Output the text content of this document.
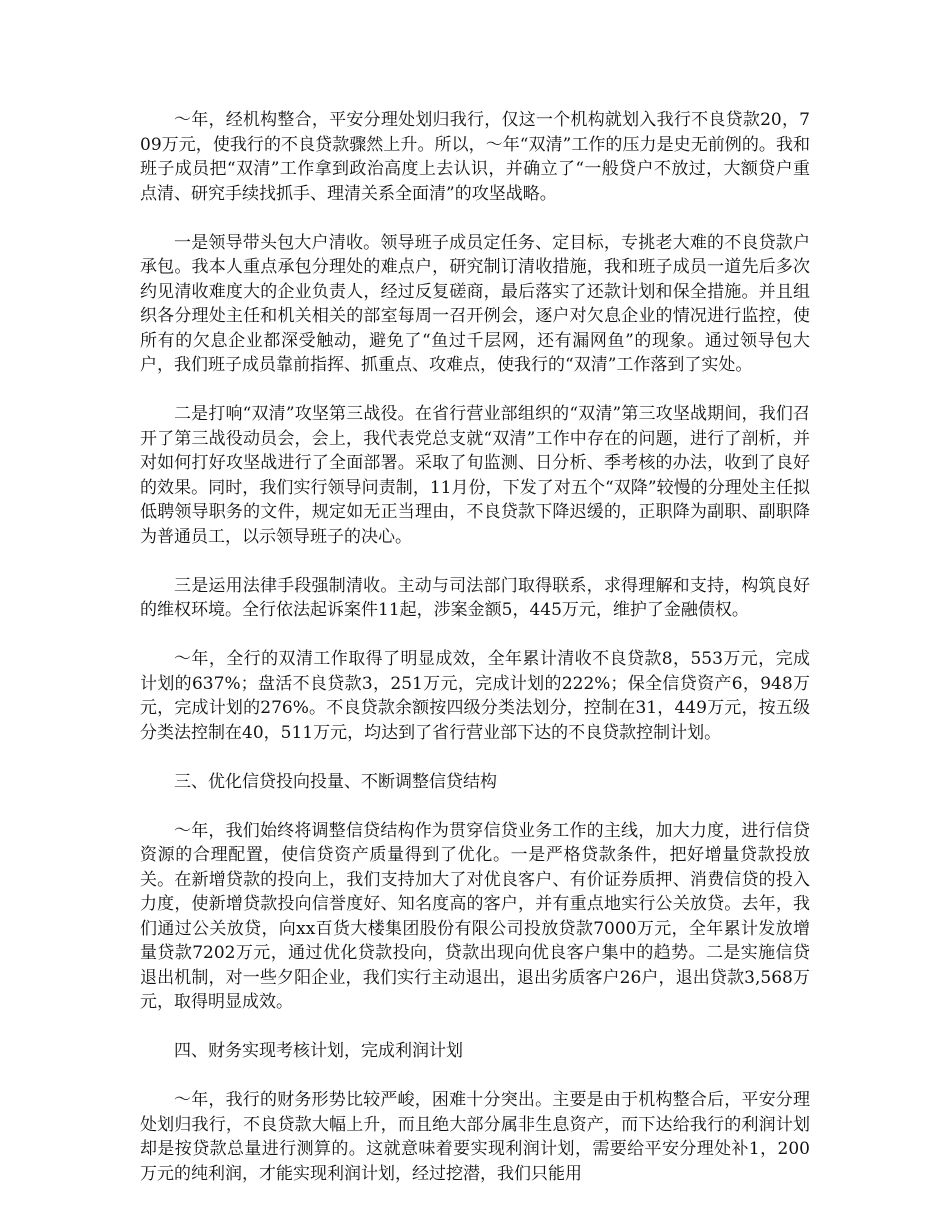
～年，经机构整合，平安分理处划归我行，仅这一个机构就划入我行不良贷款20，709万元，使我行的不良贷款骤然上升。所以，～年“双清”工作的压力是史无前例的。我和班子成员把“双清”工作拿到政治高度上去认识，并确立了“一般贷户不放过，大额贷户重点清、研究手续找抓手、理清关系全面清”的攻坚战略。

一是领导带头包大户清收。领导班子成员定任务、定目标，专挑老大难的不良贷款户承包。我本人重点承包分理处的难点户，研究制订清收措施，我和班子成员一道先后多次约见清收难度大的企业负责人，经过反复磋商，最后落实了还款计划和保全措施。并且组织各分理处主任和机关相关的部室每周一召开例会，逐户对欠息企业的情况进行监控，使所有的欠息企业都深受触动，避免了“鱼过千层网，还有漏网鱼”的现象。通过领导包大户，我们班子成员靠前指挥、抓重点、攻难点，使我行的“双清”工作落到了实处。

二是打响“双清”攻坚第三战役。在省行营业部组织的“双清”第三攻坚战期间，我们召开了第三战役动员会，会上，我代表党总支就“双清”工作中存在的问题，进行了剖析，并对如何打好攻坚战进行了全面部署。采取了旬监测、日分析、季考核的办法，收到了良好的效果。同时，我们实行领导问责制，11月份，下发了对五个“双降”较慢的分理处主任拟低聘领导职务的文件，规定如无正当理由，不良贷款下降迟缓的，正职降为副职、副职降为普通员工，以示领导班子的决心。

三是运用法律手段强制清收。主动与司法部门取得联系，求得理解和支持，构筑良好的维权环境。全行依法起诉案件11起，涉案金额5，445万元，维护了金融债权。

～年，全行的双清工作取得了明显成效，全年累计清收不良贷款8，553万元，完成计划的637%；盘活不良贷款3，251万元，完成计划的222%；保全信贷资产6，948万元，完成计划的276%。不良贷款余额按四级分类法划分，控制在31，449万元，按五级分类法控制在40，511万元，均达到了省行营业部下达的不良贷款控制计划。

三、优化信贷投向投量、不断调整信贷结构

～年，我们始终将调整信贷结构作为贯穿信贷业务工作的主线，加大力度，进行信贷资源的合理配置，使信贷资产质量得到了优化。一是严格贷款条件，把好增量贷款投放关。在新增贷款的投向上，我们支持加大了对优良客户、有价证券质押、消费信贷的投入力度，使新增贷款投向信誉度好、知名度高的客户，并有重点地实行公关放贷。去年，我们通过公关放贷，向xx百货大楼集团股份有限公司投放贷款7000万元，全年累计发放增量贷款7202万元，通过优化贷款投向，贷款出现向优良客户集中的趋势。二是实施信贷退出机制，对一些夕阳企业，我们实行主动退出，退出劣质客户26户，退出贷款3,568万元，取得明显成效。

四、财务实现考核计划，完成利润计划

～年，我行的财务形势比较严峻，困难十分突出。主要是由于机构整合后，平安分理处划归我行，不良贷款大幅上升，而且绝大部分属非生息资产，而下达给我行的利润计划却是按贷款总量进行测算的。这就意味着要实现利润计划，需要给平安分理处补1，200万元的纯利润，才能实现利润计划，经过挖潜，我们只能用
